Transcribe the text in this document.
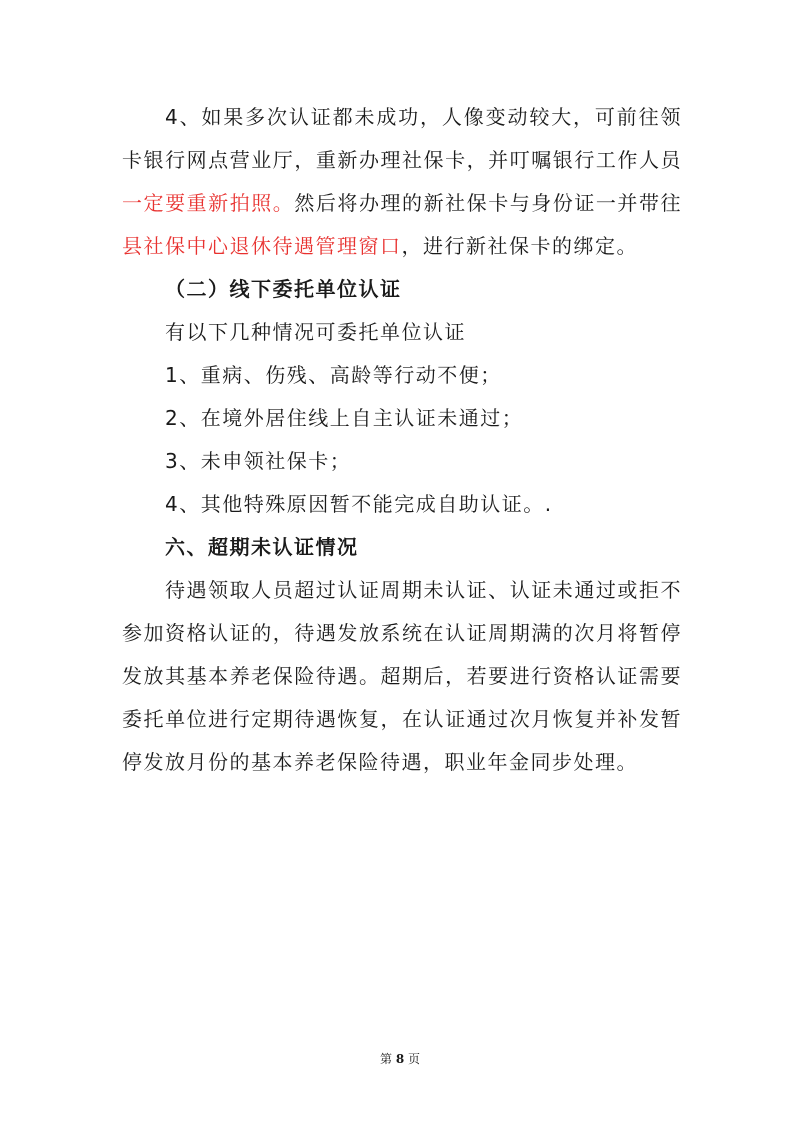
4、如果多次认证都未成功，人像变动较大，可前往领卡银行网点营业厅，重新办理社保卡，并叮嘱银行工作人员一定要重新拍照。然后将办理的新社保卡与身份证一并带往县社保中心退休待遇管理窗口，进行新社保卡的绑定。

（二）线下委托单位认证

有以下几种情况可委托单位认证

1、重病、伤残、高龄等行动不便；

2、在境外居住线上自主认证未通过；

3、未申领社保卡；

4、其他特殊原因暂不能完成自助认证。.

六、超期未认证情况

待遇领取人员超过认证周期未认证、认证未通过或拒不参加资格认证的，待遇发放系统在认证周期满的次月将暂停发放其基本养老保险待遇。超期后，若要进行资格认证需要委托单位进行定期待遇恢复，在认证通过次月恢复并补发暂停发放月份的基本养老保险待遇，职业年金同步处理。

第 8 页
